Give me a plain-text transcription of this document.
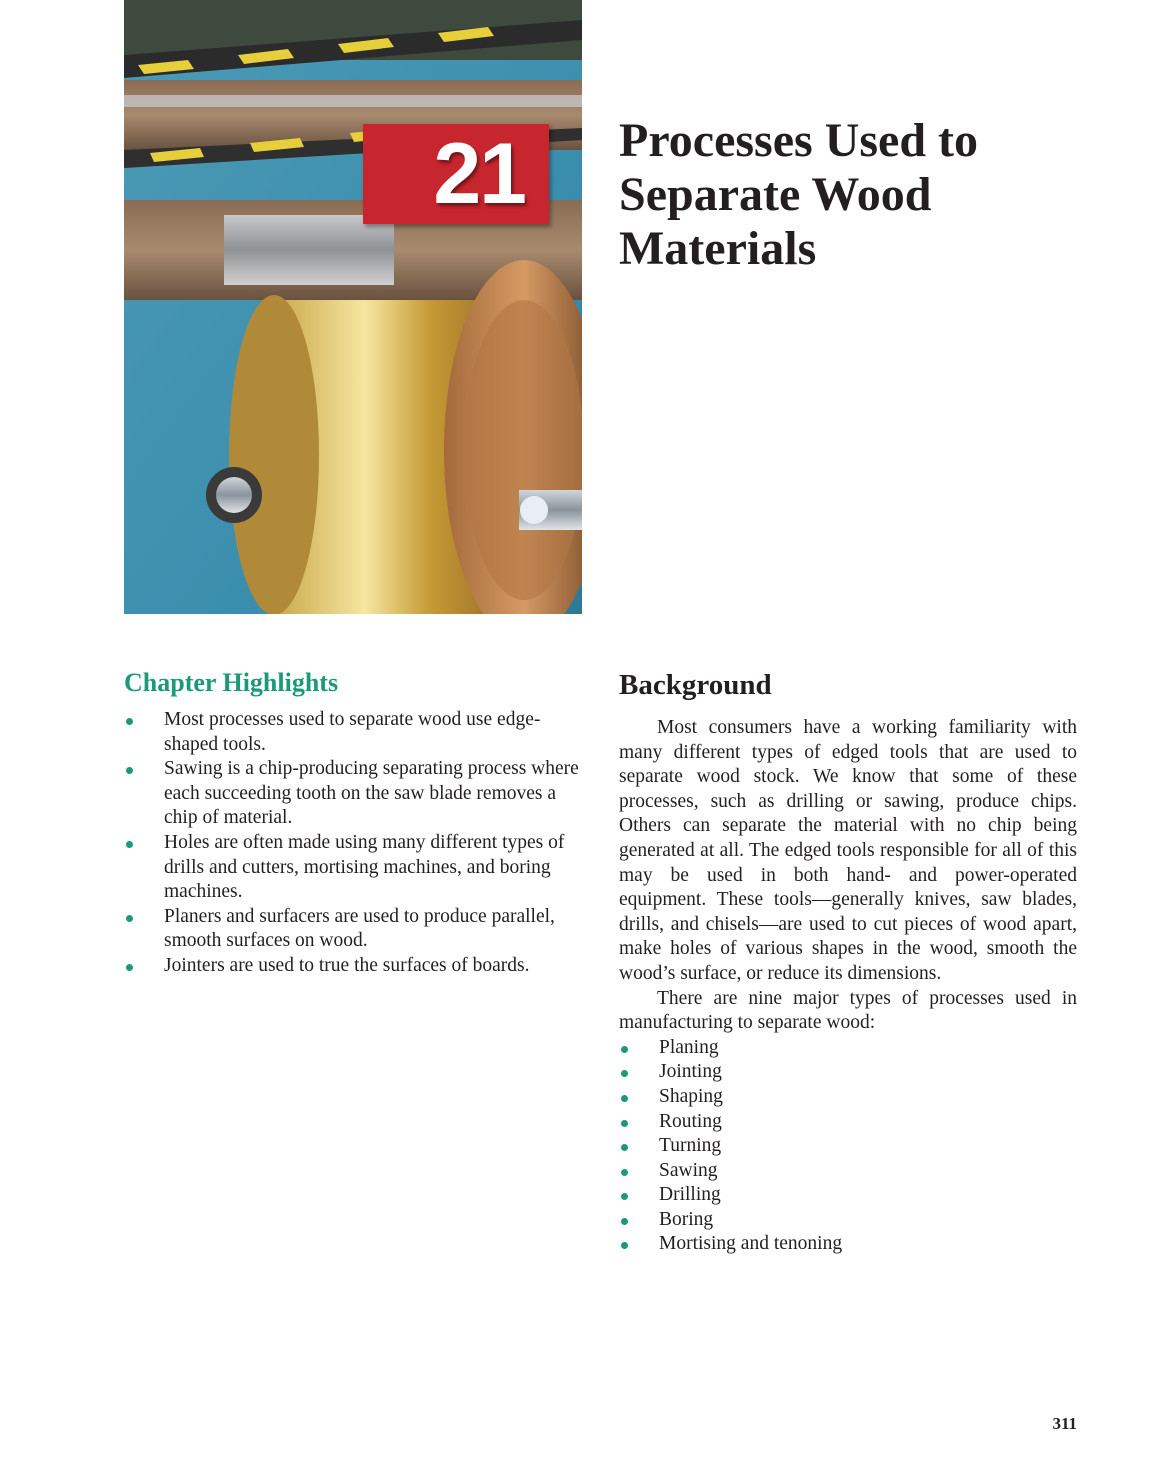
21	Processes Used to Separate Wood Materials
Chapter Highlights
Most processes used to separate wood use edge-shaped tools.
Sawing is a chip-producing separating process where each succeeding tooth on the saw blade removes a chip of material.
Holes are often made using many different types of drills and cutters, mortising machines, and boring machines.
Planers and surfacers are used to produce parallel, smooth surfaces on wood.
Jointers are used to true the surfaces of boards.
Background

Most consumers have a working familiarity with many different types of edged tools that are used to separate wood stock. We know that some of these processes, such as drilling or sawing, produce chips. Others can separate the material with no chip being generated at all. The edged tools responsible for all of this may be used in both hand- and power-operated equipment. These tools—generally knives, saw blades, drills, and chisels—are used to cut pieces of wood apart, make holes of various shapes in the wood, smooth the wood’s surface, or reduce its dimensions.

There are nine major types of processes used in manufacturing to separate wood:

Planing
Jointing
Shaping
Routing
Turning
Sawing
Drilling
Boring
Mortising and tenoning
311
